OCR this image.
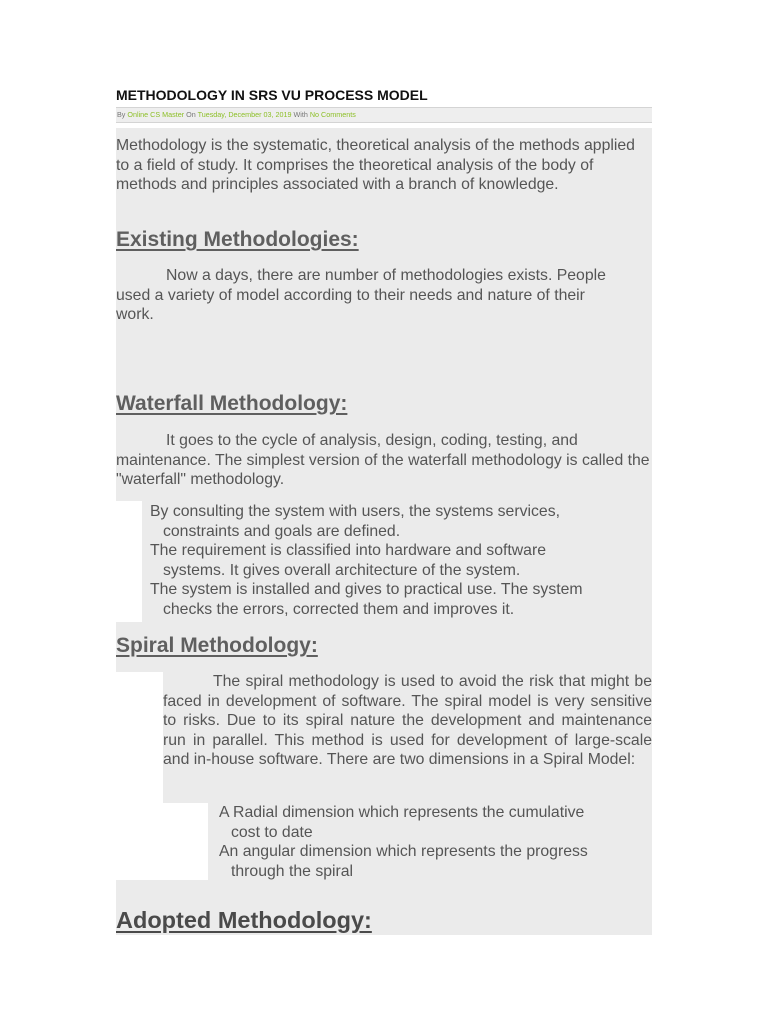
METHODOLOGY IN SRS VU PROCESS MODEL
By Online CS Master On Tuesday, December 03, 2019 With No Comments
Methodology is the systematic, theoretical analysis of the methods applied to a field of study. It comprises the theoretical analysis of the body of methods and principles associated with a branch of knowledge.
Existing Methodologies:
Now a days, there are number of methodologies exists. People used a variety of model according to their needs and nature of their work.
Waterfall Methodology:
It goes to the cycle of analysis, design, coding, testing, and maintenance. The simplest version of the waterfall methodology is called the "waterfall" methodology.
By consulting the system with users, the systems services,
constraints and goals are defined.
The requirement is classified into hardware and software
systems. It gives overall architecture of the system.
The system is installed and gives to practical use. The system
checks the errors, corrected them and improves it.
Spiral Methodology:
The spiral methodology is used to avoid the risk that might be faced in development of software. The spiral model is very sensitive to risks. Due to its spiral nature the development and maintenance run in parallel. This method is used for development of large-scale and in-house software. There are two dimensions in a Spiral Model:
A Radial dimension which represents the cumulative
cost to date
An angular dimension which represents the progress
through the spiral
Adopted Methodology:
